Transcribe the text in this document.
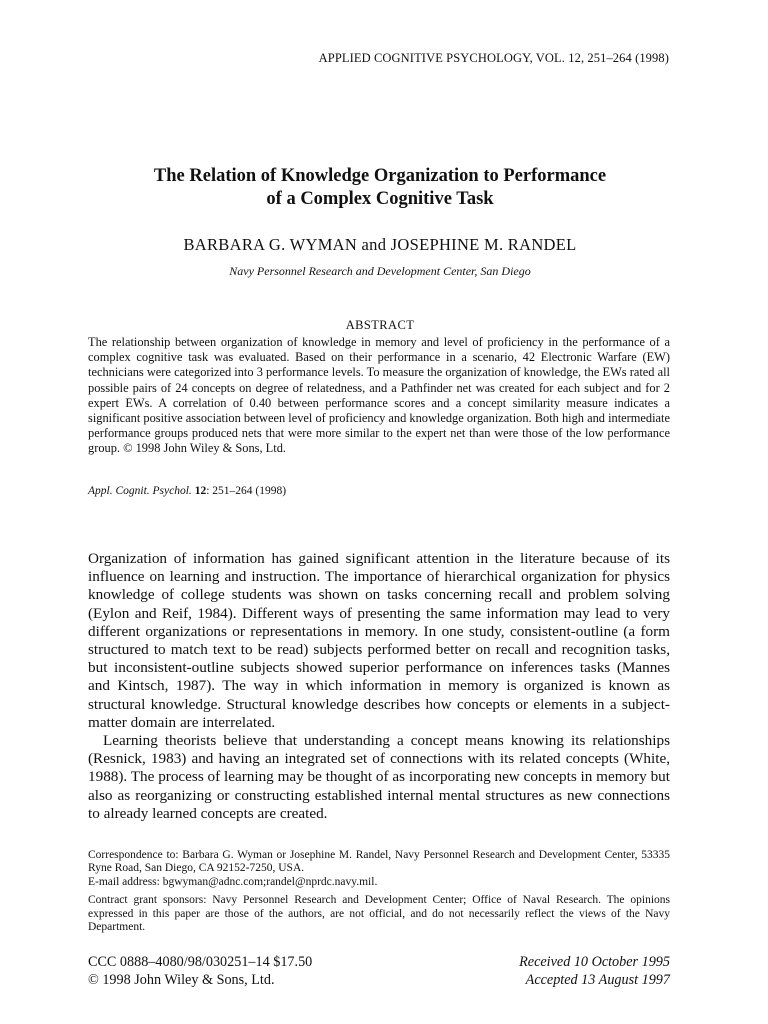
APPLIED COGNITIVE PSYCHOLOGY, VOL. 12, 251–264 (1998)
The Relation of Knowledge Organization to Performance
of a Complex Cognitive Task
BARBARA G. WYMAN and JOSEPHINE M. RANDEL
Navy Personnel Research and Development Center, San Diego
ABSTRACT

The relationship between organization of knowledge in memory and level of proficiency in the performance of a complex cognitive task was evaluated. Based on their performance in a scenario, 42 Electronic Warfare (EW) technicians were categorized into 3 performance levels. To measure the organization of knowledge, the EWs rated all possible pairs of 24 concepts on degree of relatedness, and a Pathfinder net was created for each subject and for 2 expert EWs. A correlation of 0.40 between performance scores and a concept similarity measure indicates a significant positive association between level of proficiency and knowledge organization. Both high and intermediate performance groups produced nets that were more similar to the expert net than were those of the low performance group. © 1998 John Wiley & Sons, Ltd.

Appl. Cognit. Psychol. 12: 251–264 (1998)

Organization of information has gained significant attention in the literature because of its influence on learning and instruction. The importance of hierarchical organization for physics knowledge of college students was shown on tasks concerning recall and problem solving (Eylon and Reif, 1984). Different ways of presenting the same information may lead to very different organizations or representations in memory. In one study, consistent-outline (a form structured to match text to be read) subjects performed better on recall and recognition tasks, but inconsistent-outline subjects showed superior performance on inferences tasks (Mannes and Kintsch, 1987). The way in which information in memory is organized is known as structural knowledge. Structural knowledge describes how concepts or elements in a subject-matter domain are interrelated.

Learning theorists believe that understanding a concept means knowing its relationships (Resnick, 1983) and having an integrated set of connections with its related concepts (White, 1988). The process of learning may be thought of as incorporating new concepts in memory but also as reorganizing or constructing established internal mental structures as new connections to already learned concepts are created.

Correspondence to: Barbara G. Wyman or Josephine M. Randel, Navy Personnel Research and Development Center, 53335 Ryne Road, San Diego, CA 92152-7250, USA.
E-mail address: bgwyman@adnc.com;randel@nprdc.navy.mil.

Contract grant sponsors: Navy Personnel Research and Development Center; Office of Naval Research. The opinions expressed in this paper are those of the authors, are not official, and do not necessarily reflect the views of the Navy Department.

CCC 0888–4080/98/030251–14 $17.50
© 1998 John Wiley & Sons, Ltd.
Received 10 October 1995
Accepted 13 August 1997
